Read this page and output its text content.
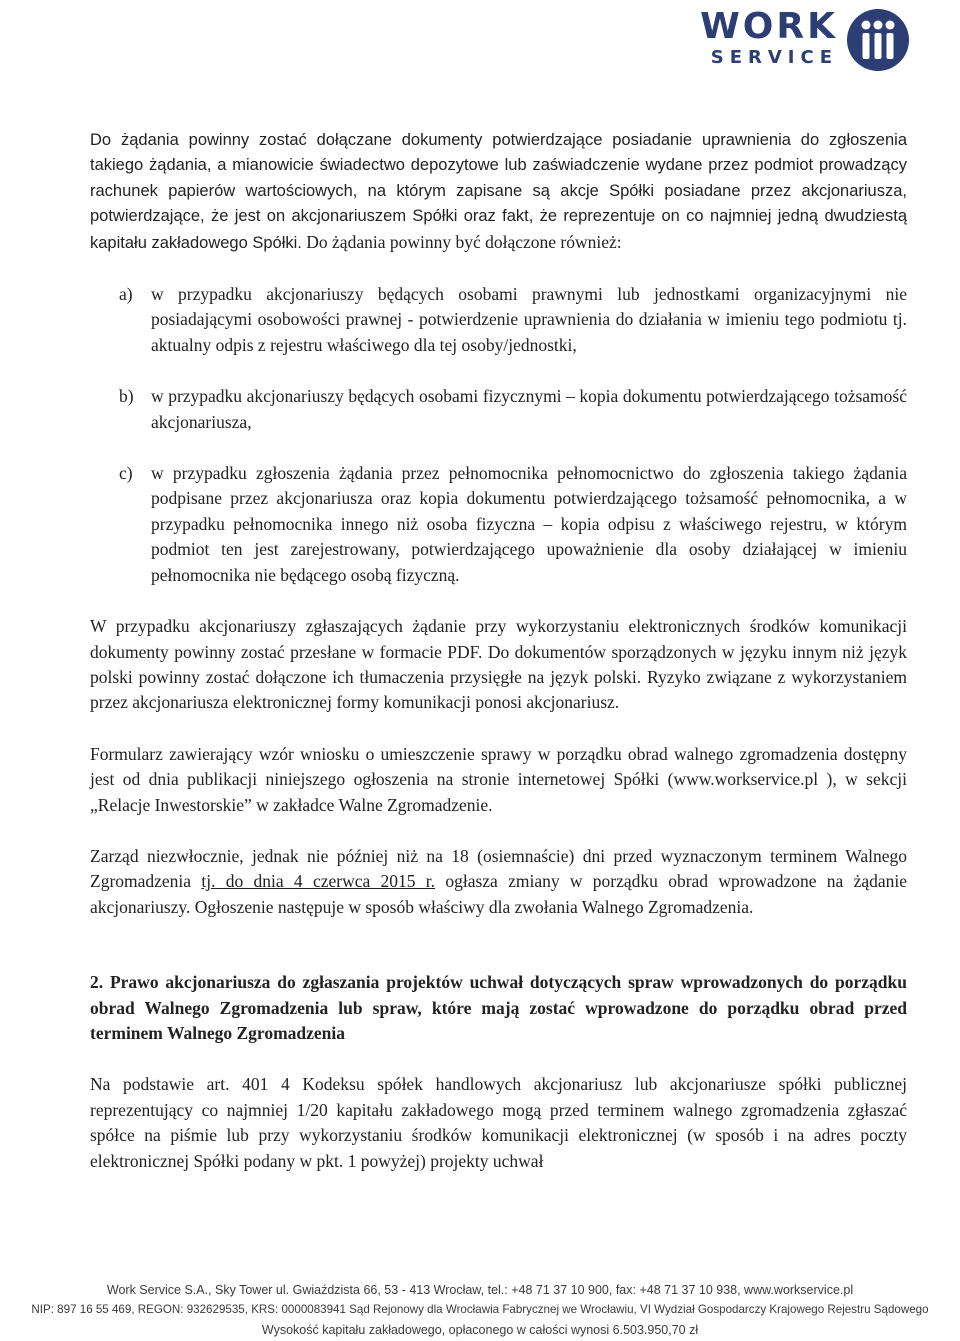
WORK
SERVICE

Do żądania powinny zostać dołączane dokumenty potwierdzające posiadanie uprawnienia do zgłoszenia takiego żądania, a mianowicie świadectwo depozytowe lub zaświadczenie wydane przez podmiot prowadzący rachunek papierów wartościowych, na którym zapisane są akcje Spółki posiadane przez akcjonariusza, potwierdzające, że jest on akcjonariuszem Spółki oraz fakt, że reprezentuje on co najmniej jedną dwudziestą kapitału zakładowego Spółki. Do żądania powinny być dołączone również:

a)	w przypadku akcjonariuszy będących osobami prawnymi lub jednostkami organizacyjnymi nie posiadającymi osobowości prawnej - potwierdzenie uprawnienia do działania w imieniu tego podmiotu tj. aktualny odpis z rejestru właściwego dla tej osoby/jednostki,
b) w przypadku akcjonariuszy będących osobami fizycznymi – kopia dokumentu potwierdzającego tożsamość akcjonariusza,
c)	w przypadku zgłoszenia żądania przez pełnomocnika pełnomocnictwo do zgłoszenia takiego żądania podpisane przez akcjonariusza oraz kopia dokumentu potwierdzającego tożsamość pełnomocnika, a w przypadku pełnomocnika innego niż osoba fizyczna – kopia odpisu z właściwego rejestru, w którym podmiot ten jest zarejestrowany, potwierdzającego upoważnienie dla osoby działającej w imieniu pełnomocnika nie będącego osobą fizyczną.

W przypadku akcjonariuszy zgłaszających żądanie przy wykorzystaniu elektronicznych środków komunikacji dokumenty powinny zostać przesłane w formacie PDF. Do dokumentów sporządzonych w języku innym niż język polski powinny zostać dołączone ich tłumaczenia przysięgłe na język polski. Ryzyko związane z wykorzystaniem przez akcjonariusza elektronicznej formy komunikacji ponosi akcjonariusz.

Formularz zawierający wzór wniosku o umieszczenie sprawy w porządku obrad walnego zgromadzenia dostępny jest od dnia publikacji niniejszego ogłoszenia na stronie internetowej Spółki (www.workservice.pl ), w sekcji „Relacje Inwestorskie” w zakładce Walne Zgromadzenie.

Zarząd niezwłocznie, jednak nie później niż na 18 (osiemnaście) dni przed wyznaczonym terminem Walnego Zgromadzenia tj. do dnia 4 czerwca 2015 r. ogłasza zmiany w porządku obrad wprowadzone na żądanie akcjonariuszy. Ogłoszenie następuje w sposób właściwy dla zwołania Walnego Zgromadzenia.

2. Prawo akcjonariusza do zgłaszania projektów uchwał dotyczących spraw wprowadzonych do porządku obrad Walnego Zgromadzenia lub spraw, które mają zostać wprowadzone do porządku obrad przed terminem Walnego Zgromadzenia

Na podstawie art. 401 4 Kodeksu spółek handlowych akcjonariusz lub akcjonariusze spółki publicznej reprezentujący co najmniej 1/20 kapitału zakładowego mogą przed terminem walnego zgromadzenia zgłaszać spółce na piśmie lub przy wykorzystaniu środków komunikacji elektronicznej (w sposób i na adres poczty elektronicznej Spółki podany w pkt. 1 powyżej) projekty uchwał

Work Service S.A., Sky Tower ul. Gwiaździsta 66, 53 - 413 Wrocław, tel.: +48 71 37 10 900, fax: +48 71 37 10 938, www.workservice.pl
NIP: 897 16 55 469, REGON: 932629535, KRS: 0000083941 Sąd Rejonowy dla Wrocławia Fabrycznej we Wrocławiu, VI Wydział Gospodarczy Krajowego Rejestru Sądowego
Wysokość kapitału zakładowego, opłaconego w całości wynosi 6.503.950,70 zł
